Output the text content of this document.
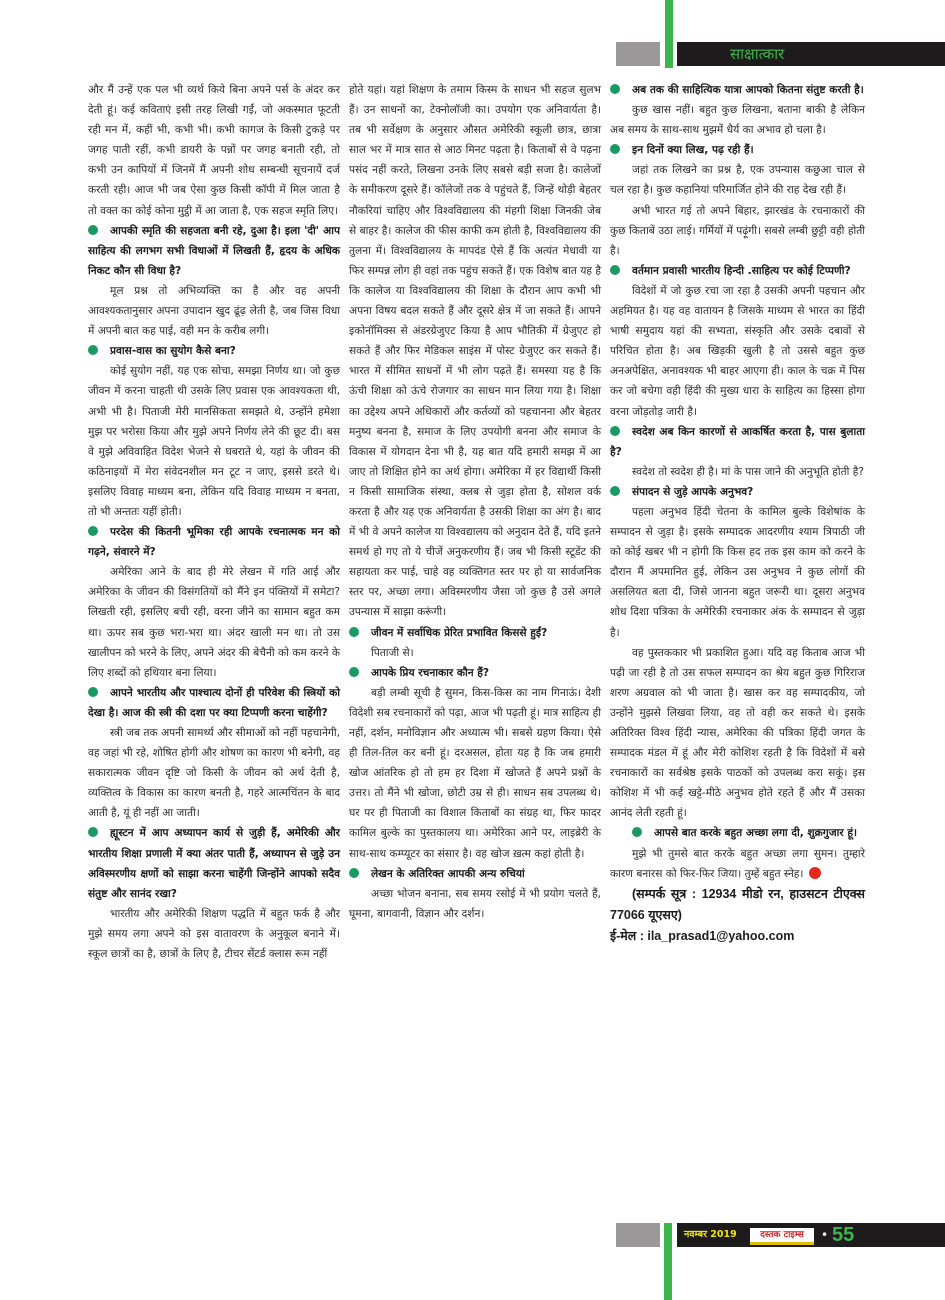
साक्षात्कार

और मैं उन्हें एक पल भी व्यर्थ किये बिना अपने पर्स के अंदर कर देती हूं। कई कविताएं इसी तरह लिखी गईं, जो अकस्मात फूटती रही मन में, कहीं भी, कभी भी। कभी कागज के किसी टुकड़े पर जगह पाती रहीं, कभी डायरी के पन्नों पर जगह बनाती रही, तो कभी उन कापियों में जिनमें मैं अपनी शोध सम्बन्धी सूचनायें दर्ज करती रही। आज भी जब ऐसा कुछ किसी कॉपी में मिल जाता है तो वक्त का कोई कोना मुट्ठी में आ जाता है, एक सहज स्मृति लिए।

आपकी स्मृति की सहजता बनी रहे, दुआ है। इला 'दी' आप साहित्य की लगभग सभी विधाओं में लिखती हैं, हृदय के अधिक निकट कौन सी विधा है?

मूल प्रश्न तो अभिव्यक्ति का है और वह अपनी आवश्यकतानुसार अपना उपादान खुद ढूंढ़ लेती है, जब जिस विधा में अपनी बात कह पाई, वही मन के करीब लगी।

प्रवास-वास का सुयोग कैसे बना?

कोई सुयोग नहीं, यह एक सोचा, समझा निर्णय था। जो कुछ जीवन में करना चाहती थी उसके लिए प्रवास एक आवश्यकता थी, अभी भी है। पिताजी मेरी मानसिकता समझते थे, उन्होंने हमेशा मुझ पर भरोसा किया और मुझे अपने निर्णय लेने की छूट दी। बस वे मुझे अविवाहित विदेश भेजने से घबराते थे, यहां के जीवन की कठिनाइयों में मेरा संवेदनशील मन टूट न जाए, इससे डरते थे। इसलिए विवाह माध्यम बना, लेकिन यदि विवाह माध्यम न बनता, तो भी अन्ततः यहीं होती।

परदेस की कितनी भूमिका रही आपके रचनात्मक मन को गढ़ने, संवारने में?

अमेरिका आने के बाद ही मेरे लेखन में गति आई और अमेरिका के जीवन की विसंगतियों को मैंने इन पंक्तियों में समेटा? लिखती रही, इसलिए बची रही, वरना जीने का सामान बहुत कम था। ऊपर सब कुछ भरा-भरा था। अंदर खाली मन था। तो उस खालीपन को भरने के लिए, अपने अंदर की बेचैनी को कम करने के लिए शब्दों को हथियार बना लिया।

आपने भारतीय और पाश्चात्य दोनों ही परिवेश की स्त्रियों को देखा है। आज की स्त्री की दशा पर क्या टिप्पणी करना चाहेंगी?

स्त्री जब तक अपनी सामर्थ्य और सीमाओं को नहीं पहचानेगी, वह जहां भी रहे, शोषित होगी और शोषण का कारण भी बनेगी, वह सकारात्मक जीवन दृष्टि जो किसी के जीवन को अर्थ देती है, व्यक्तित्व के विकास का कारण बनती है, गहरे आत्मचिंतन के बाद आती है, यूं ही नहीं आ जाती।

ह्यूस्टन में आप अध्यापन कार्य से जुड़ी हैं, अमेरिकी और भारतीय शिक्षा प्रणाली में क्या अंतर पाती हैं, अध्यापन से जुड़े उन अविस्मरणीय क्षणों को साझा करना चाहेंगी जिन्होंने आपको सदैव संतुष्ट और सानंद रखा?

भारतीय और अमेरिकी शिक्षण पद्धति में बहुत फर्क है और मुझे समय लगा अपने को इस वातावरण के अनुकूल बनाने में। स्कूल छात्रों का है, छात्रों के लिए है, टीचर सेंटर्ड क्लास रूम नहीं

होते यहां। यहां शिक्षण के तमाम किस्म के साधन भी सहज सुलभ हैं। उन साधनों का, टेक्नोलॉजी का। उपयोग एक अनिवार्यता है। तब भी सर्वेक्षण के अनुसार औसत अमेरिकी स्कूली छात्र, छात्रा साल भर में मात्र सात से आठ मिनट पढ़ता है। किताबों से वे पढ़ना पसंद नहीं करते, लिखना उनके लिए सबसे बड़ी सजा है। कालेजों के समीकरण दूसरे हैं। कॉलेजों तक वे पहुंचते हैं, जिन्हें थोड़ी बेहतर नौकरियां चाहिए और विश्वविद्यालय की मंहगी शिक्षा जिनकी जेब से बाहर है। कालेज की फीस काफी कम होती है, विश्वविद्यालय की तुलना में। विश्वविद्यालय के मापदंड ऐसे हैं कि अत्यंत मेधावी या फिर सम्पन्न लोग ही वहां तक पहुंच सकते हैं। एक विशेष बात यह है कि कालेज या विश्वविद्यालय की शिक्षा के दौरान आप कभी भी अपना विषय बदल सकते हैं और दूसरे क्षेत्र में जा सकते हैं। आपने इकोनॉमिक्स से अंडरग्रेजुएट किया है आप भौतिकी में ग्रेजुएट हो सकते हैं और फिर मेडिकल साइंस में पोस्ट ग्रेजुएट कर सकते हैं। भारत में सीमित साधनों में भी लोग पढ़ते हैं। समस्या यह है कि ऊंची शिक्षा को ऊंचे रोजगार का साधन मान लिया गया है। शिक्षा का उद्देश्य अपने अधिकारों और कर्तव्यों को पहचानना और बेहतर मनुष्य बनना है, समाज के लिए उपयोगी बनना और समाज के विकास में योगदान देना भी है, यह बात यदि हमारी समझ में आ जाए तो शिक्षित होने का अर्थ होगा। अमेरिका में हर विद्यार्थी किसी न किसी सामाजिक संस्था, क्लब से जुड़ा होता है, सोशल वर्क करता है और यह एक अनिवार्यता है उसकी शिक्षा का अंग है। बाद में भी वे अपने कालेज या विश्वद्यालय को अनुदान देते हैं, यदि इतने समर्थ हो गए तो ये चीजें अनुकरणीय हैं। जब भी किसी स्टूडेंट की सहायता कर पाई, चाहे वह व्यक्तिगत स्तर पर हो या सार्वजनिक स्तर पर, अच्छा लगा। अविस्मरणीय जैसा जो कुछ है उसे अगले उपन्यास में साझा करूंगी।

जीवन में सर्वाधिक प्रेरित प्रभावित किससे हुईं?

पिताजी से।

आपके प्रिय रचनाकार कौन हैं?

बड़ी लम्बी सूची है सुमन, किस-किस का नाम गिनाऊं। देशी विदेशी सब रचनाकारों को पढ़ा, आज भी पढ़ती हूं। मात्र साहित्य ही नहीं, दर्शन, मनोविज्ञान और अध्यात्म भी। सबसे ग्रहण किया। ऐसे ही तिल-तिल कर बनी हूं। दरअसल, होता यह है कि जब हमारी खोज आंतरिक हो तो हम हर दिशा में खोजते हैं अपने प्रश्नों के उत्तर। तो मैंने भी खोजा, छोटी उम्र से ही। साधन सब उपलब्ध थे। घर पर ही पिताजी का विशाल किताबों का संग्रह था, फिर फादर कामिल बुल्के का पुस्तकालय था। अमेरिका आने पर, लाइब्रेरी के साथ-साथ कम्प्यूटर का संसार है। वह खोज ख़त्म कहां होती है।

लेखन के अतिरिक्त आपकी अन्य रुचियां

अच्छा भोजन बनाना, सब समय रसोई में भी प्रयोग चलते हैं, घूमना, बागवानी, विज्ञान और दर्शन।

अब तक की साहित्यिक यात्रा आपको कितना संतुष्ट करती है।

कुछ खास नहीं। बहुत कुछ लिखना, बताना बाकी है लेकिन अब समय के साथ-साथ मुझमें धैर्य का अभाव हो चला है।

इन दिनों क्या लिख, पढ़ रही हैं।

जहां तक लिखने का प्रश्न है, एक उपन्यास कछुआ चाल से चल रहा है। कुछ कहानियां परिमार्जित होने की राह देख रही हैं।

अभी भारत गई तो अपने बिहार, झारखंड के रचनाकारों की कुछ किताबें उठा लाई। गर्मियों में पढ़ूंगी। सबसे लम्बी छुट्टी वही होती है।

वर्तमान प्रवासी भारतीय हिन्दी .साहित्य पर कोई टिप्पणी?

विदेशों में जो कुछ रचा जा रहा है उसकी अपनी पहचान और अहमियत है। यह वह वातायन है जिसके माध्यम से भारत का हिंदी भाषी समुदाय यहां की सभ्यता, संस्कृति और उसके दबावों से परिचित होता है। अब खिड़की खुली है तो उससे बहुत कुछ अनअपेक्षित, अनावश्यक भी बाहर आएगा ही। काल के चक्र में पिस कर जो बचेगा वही हिंदी की मुख्य धारा के साहित्य का हिस्सा होगा वरना जोड़तोड़ जारी है।

स्वदेश अब किन कारणों से आकर्षित करता है, पास बुलाता है?

स्वदेश तो स्वदेश ही है। मां के पास जाने की अनुभूति होती है?

संपादन से जुड़े आपके अनुभव?

पहला अनुभव हिंदी चेतना के कामिल बुल्के विशेषांक के सम्पादन से जुड़ा है। इसके सम्पादक आदरणीय श्याम त्रिपाठी जी को कोई खबर भी न होगी कि किस हद तक इस काम को करने के दौरान मैं अपमानित हुई, लेकिन उस अनुभव ने कुछ लोगों की असलियत बता दी, जिसे जानना बहुत जरूरी था। दूसरा अनुभव शोध दिशा पत्रिका के अमेरिकी रचनाकार अंक के सम्पादन से जुड़ा है।

वह पुस्तककार भी प्रकाशित हुआ। यदि वह किताब आज भी पढ़ी जा रही है तो उस सफल सम्पादन का श्रेय बहुत कुछ गिरिराज शरण अग्रवाल को भी जाता है। खास कर वह सम्पादकीय, जो उन्होंने मुझसे लिखवा लिया, वह तो वही कर सकते थे। इसके अतिरिक्त विश्व हिंदी न्यास, अमेरिका की पत्रिका हिंदी जगत के सम्पादक मंडल में हूं और मेरी कोशिश रहती है कि विदेशों में बसे रचनाकारों का सर्वश्रेष्ठ इसके पाठकों को उपलब्ध करा सकूं। इस कोशिश में भी कई खट्टे-मीठे अनुभव होते रहते हैं और मैं उसका आनंद लेती रहती हूं।

आपसे बात करके बहुत अच्छा लगा दी, शुक्रगुजार हूं।

मुझे भी तुमसे बात करके बहुत अच्छा लगा सुमन। तुम्हारे कारण बनारस को फिर-फिर जिया। तुम्हें बहुत स्नेह।

(सम्पर्क सूत्र : 12934 मीडो रन, हाउसटन टीएक्स 77066 यूएसए)

ई-मेल : ila_prasad1@yahoo.com

नवम्बर 2019	दस्तक टाइम्स	• 55
